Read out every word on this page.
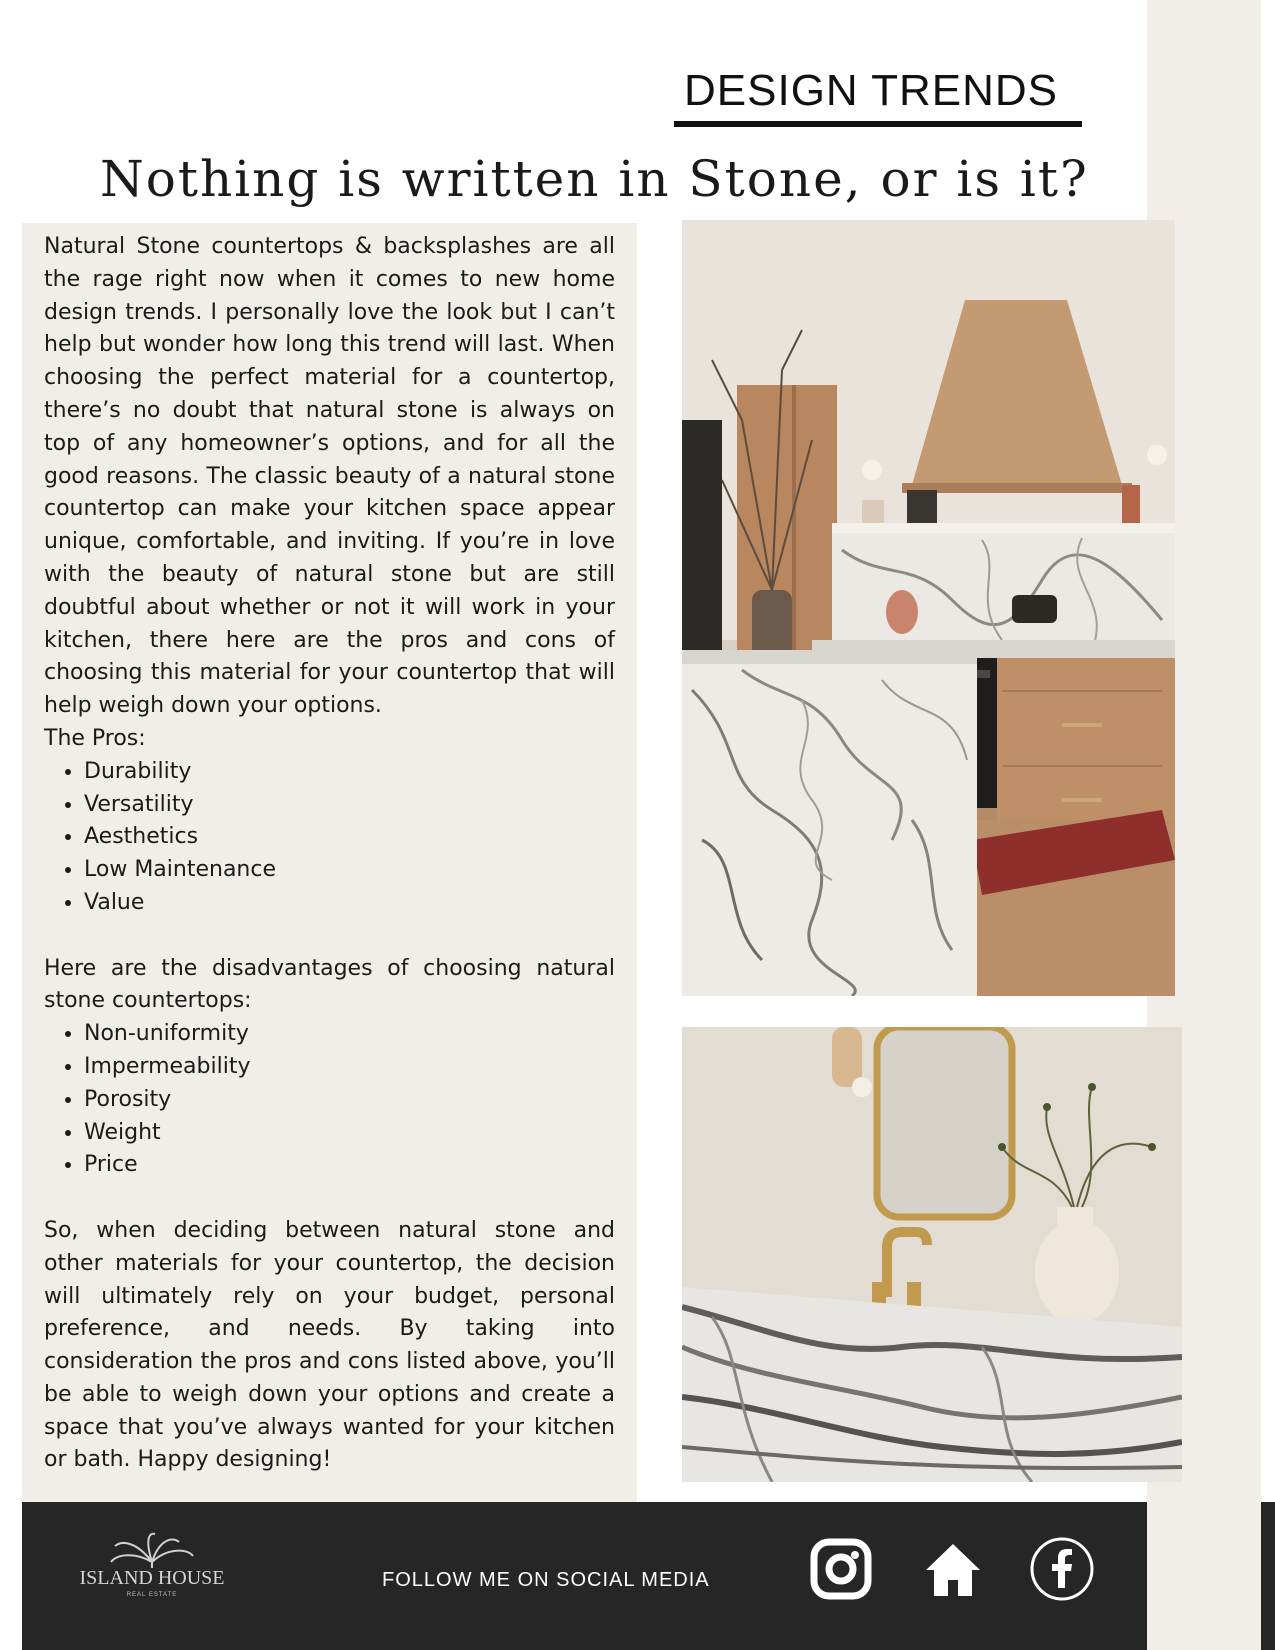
DESIGN TRENDS
Nothing is written in Stone, or is it?

Natural Stone countertops & backsplashes are all the rage right now when it comes to new home design trends. I personally love the look but I can’t help but wonder how long this trend will last. When choosing the perfect material for a countertop, there’s no doubt that natural stone is always on top of any homeowner’s options, and for all the good reasons. The classic beauty of a natural stone countertop can make your kitchen space appear unique, comfortable, and inviting. If you’re in love with the beauty of natural stone but are still doubtful about whether or not it will work in your kitchen, there here are the pros and cons of choosing this material for your countertop that will help weigh down your options.

The Pros:

• Durability
• Versatility
• Aesthetics
• Low Maintenance
• Value

Here are the disadvantages of choosing natural stone countertops:

• Non-uniformity
• Impermeability
• Porosity
• Weight
• Price

So, when deciding between natural stone and other materials for your countertop, the decision will ultimately rely on your budget, personal preference, and needs. By taking into consideration the pros and cons listed above, you’ll be able to weigh down your options and create a space that you’ve always wanted for your kitchen or bath. Happy designing!

ISLAND HOUSE
REAL ESTATE
FOLLOW ME ON SOCIAL MEDIA
